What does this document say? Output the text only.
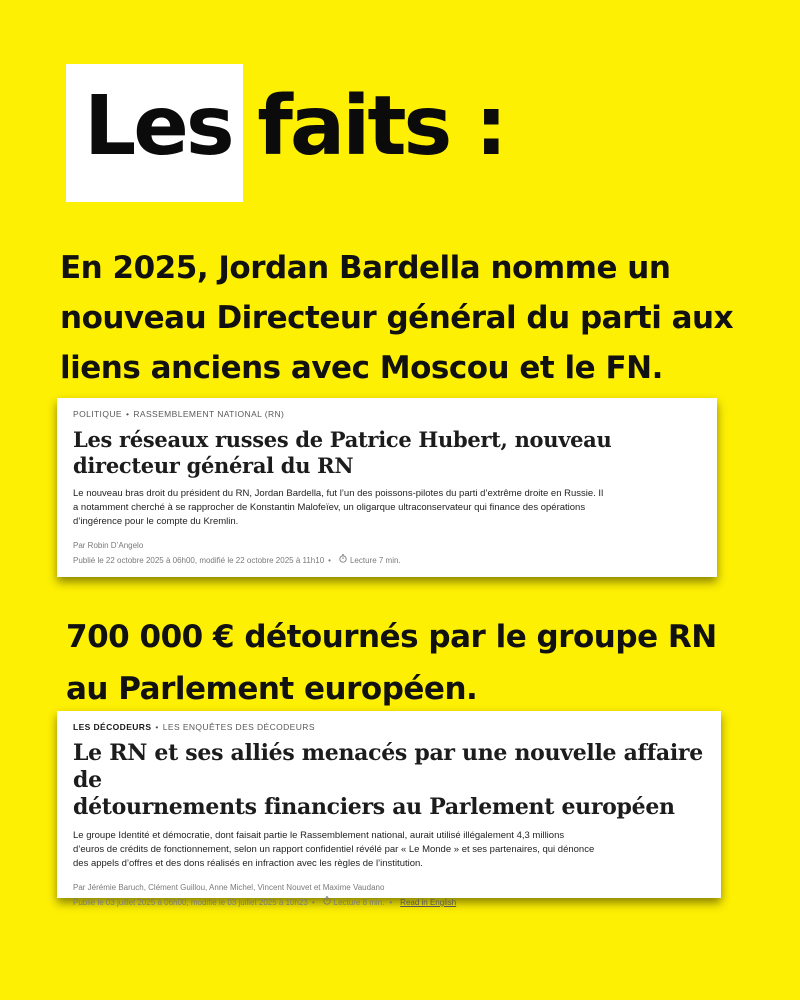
Les faits :
En 2025, Jordan Bardella nomme un
nouveau Directeur général du parti aux
liens anciens avec Moscou et le FN.
POLITIQUE • RASSEMBLEMENT NATIONAL (RN)
Les réseaux russes de Patrice Hubert, nouveau
directeur général du RN
Le nouveau bras droit du président du RN, Jordan Bardella, fut l’un des poissons-pilotes du parti d’extrême droite en Russie. Il
a notamment cherché à se rapprocher de Konstantin Malofeïev, un oligarque ultraconservateur qui finance des opérations
d’ingérence pour le compte du Kremlin.
Par Robin D’Angelo
Publié le 22 octobre 2025 à 06h00, modifié le 22 octobre 2025 à 11h10 • Lecture 7 min.
700 000 € détournés par le groupe RN
au Parlement européen.
LES DÉCODEURS • LES ENQUÊTES DES DÉCODEURS
Le RN et ses alliés menacés par une nouvelle affaire de
détournements financiers au Parlement européen
Le groupe Identité et démocratie, dont faisait partie le Rassemblement national, aurait utilisé illégalement 4,3 millions
d’euros de crédits de fonctionnement, selon un rapport confidentiel révélé par « Le Monde » et ses partenaires, qui dénonce
des appels d’offres et des dons réalisés en infraction avec les règles de l’institution.
Par Jérémie Baruch, Clément Guillou, Anne Michel, Vincent Nouvet et Maxime Vaudano
Publié le 03 juillet 2025 à 06h00, modifié le 03 juillet 2025 à 10h23 • Lecture 8 min. • Read in English
